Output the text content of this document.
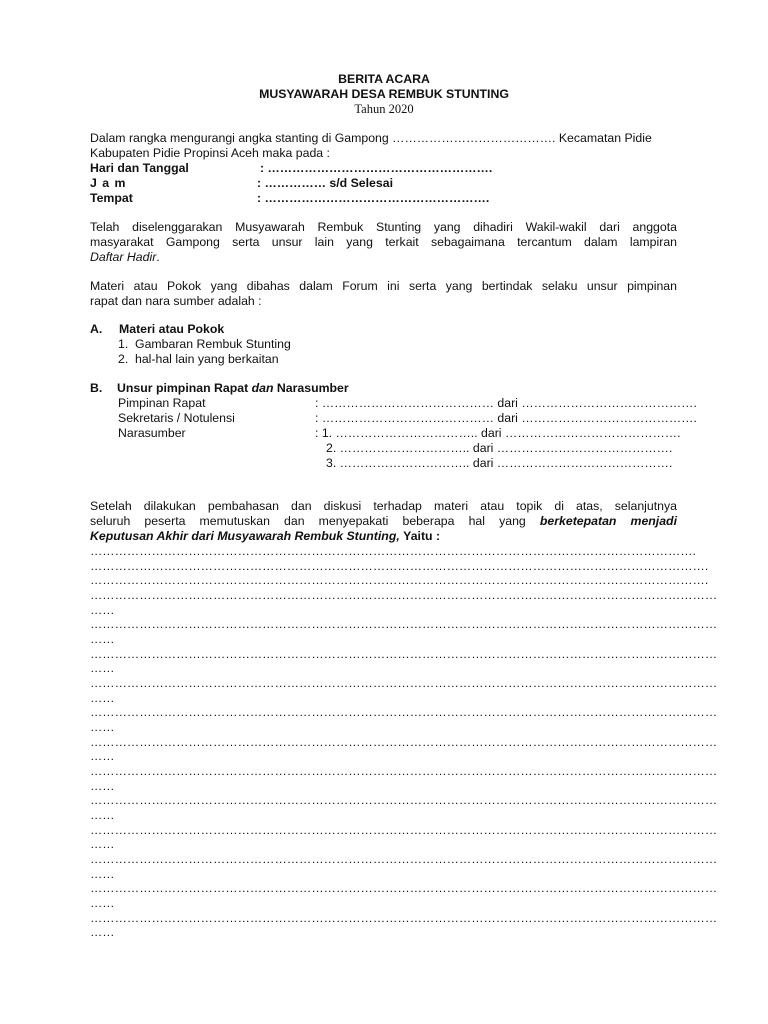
BERITA ACARA
MUSYAWARAH DESA REMBUK STUNTING
Tahun 2020
Dalam rangka mengurangi angka stanting di Gampong …………………………………. Kecamatan Pidie
Kabupaten Pidie Propinsi Aceh maka pada :
Hari dan Tanggal	: ……………………………………………….
J a m	: …………… s/d Selesai
Tempat	: ……………………………………………….
Telah diselenggarakan Musyawarah Rembuk Stunting yang dihadiri Wakil-wakil dari anggota
masyarakat Gampong serta unsur lain yang terkait sebagaimana tercantum dalam lampiran
Daftar Hadir.
Materi atau Pokok yang dibahas dalam Forum ini serta yang bertindak selaku unsur pimpinan
rapat dan nara sumber adalah :
A. Materi atau Pokok
1. Gambaran Rembuk Stunting
2. hal-hal lain yang berkaitan
B. Unsur pimpinan Rapat dan Narasumber
Pimpinan Rapat	: …………………………………… dari …………………………………….
Sekretaris / Notulensi	: …………………………………… dari …………………………………….
Narasumber	: 1. …………………………….. dari …………………………………….
2. ………………………….. dari …………………………………….
3. ………………………….. dari …………………………………….
Setelah dilakukan pembahasan dan diskusi terhadap materi atau topik di atas, selanjutnya
seluruh peserta memutuskan dan menyepakati beberapa hal yang berketepatan menjadi
Keputusan Akhir dari Musyawarah Rembuk Stunting, Yaitu :
………………………………………………………………………………………………………………………………….
…………………………………………………………………………………………………………………………………….
…………………………………………………………………………………………………………………………………….
………………………………………………………………………………………………………………………………………
……
………………………………………………………………………………………………………………………………………
……
………………………………………………………………………………………………………………………………………
……
………………………………………………………………………………………………………………………………………
……
………………………………………………………………………………………………………………………………………
……
………………………………………………………………………………………………………………………………………
……
………………………………………………………………………………………………………………………………………
……
………………………………………………………………………………………………………………………………………
……
………………………………………………………………………………………………………………………………………
……
………………………………………………………………………………………………………………………………………
……
………………………………………………………………………………………………………………………………………
……
………………………………………………………………………………………………………………………………………
……
